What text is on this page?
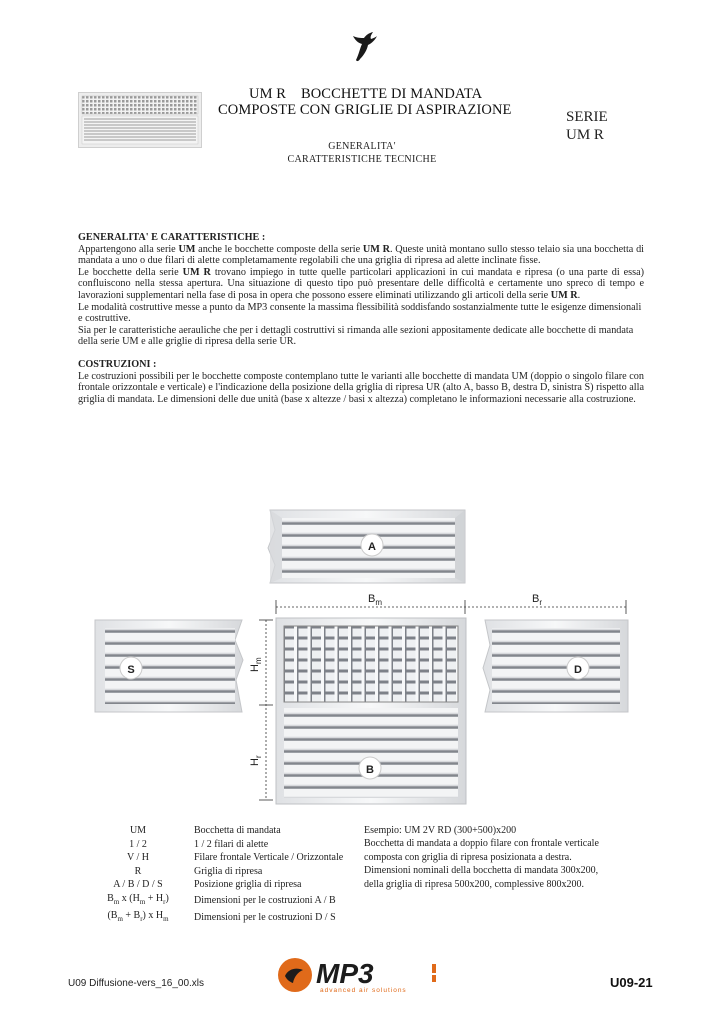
UM R    BOCCHETTE DI MANDATA
COMPOSTE CON GRIGLIE DI ASPIRAZIONE	SERIE
UM R
GENERALITA'
CARATTERISTICHE TECNICHE

GENERALITA' E CARATTERISTICHE :

Appartengono alla serie UM anche le bocchette composte della serie UM R. Queste unità montano sullo stesso telaio sia una bocchetta di mandata a uno o due filari di alette completamamente regolabili che una griglia di ripresa ad alette inclinate fisse.

Le bocchette della serie UM R trovano impiego in tutte quelle particolari applicazioni in cui mandata e ripresa (o una parte di essa) confluiscono nella stessa apertura. Una situazione di questo tipo può presentare delle difficoltà e certamente uno spreco di tempo e lavorazioni supplementari nella fase di posa in opera che possono essere eliminati utilizzando gli articoli della serie UM R.

Le modalità costruttive messe a punto da MP3 consente la massima flessibilità soddisfando sostanzialmente tutte le esigenze dimensionali e costruttive.

Sia per le caratteristiche aerauliche che per i dettagli costruttivi si rimanda alle sezioni appositamente dedicate alle bocchette di mandata della serie UM e alle griglie di ripresa della serie UR.

COSTRUZIONI :

Le costruzioni possibili per le bocchette composte contemplano tutte le varianti alle bocchette di mandata UM (doppio o singolo filare con frontale orizzontale e verticale) e l'indicazione della posizione della griglia di ripresa UR (alto A, basso B, destra D, sinistra S) rispetto alla griglia di mandata. Le dimensioni delle due unità (base x altezze / basi x altezza) completano le informazioni necessarie alla costruzione.

A
$B_m$	$B_r$
$H_m$
$H_r$
S
B
D
UM	Bocchetta di mandata
1 / 2	1 / 2 filari di alette
V / H	Filare frontale Verticale / Orizzontale
R	Griglia di ripresa
A / B / D / S	Posizione griglia di ripresa
$B_m$ x $(H_m + H_r)$	Dimensioni per le costruzioni A / B
$(B_m + B_r)$ x $H_m$	Dimensioni per le costruzioni D / S
Esempio: UM 2V RD (300+500)x200
Bocchetta di mandata a doppio filare con frontale verticale
composta con griglia di ripresa posizionata a destra.
Dimensioni nominali della bocchetta di mandata 300x200,
della griglia di ripresa 500x200, complessive 800x200.
U09 Diffusione-vers_16_00.xls	MP3
advanced air solutions
U09-21
